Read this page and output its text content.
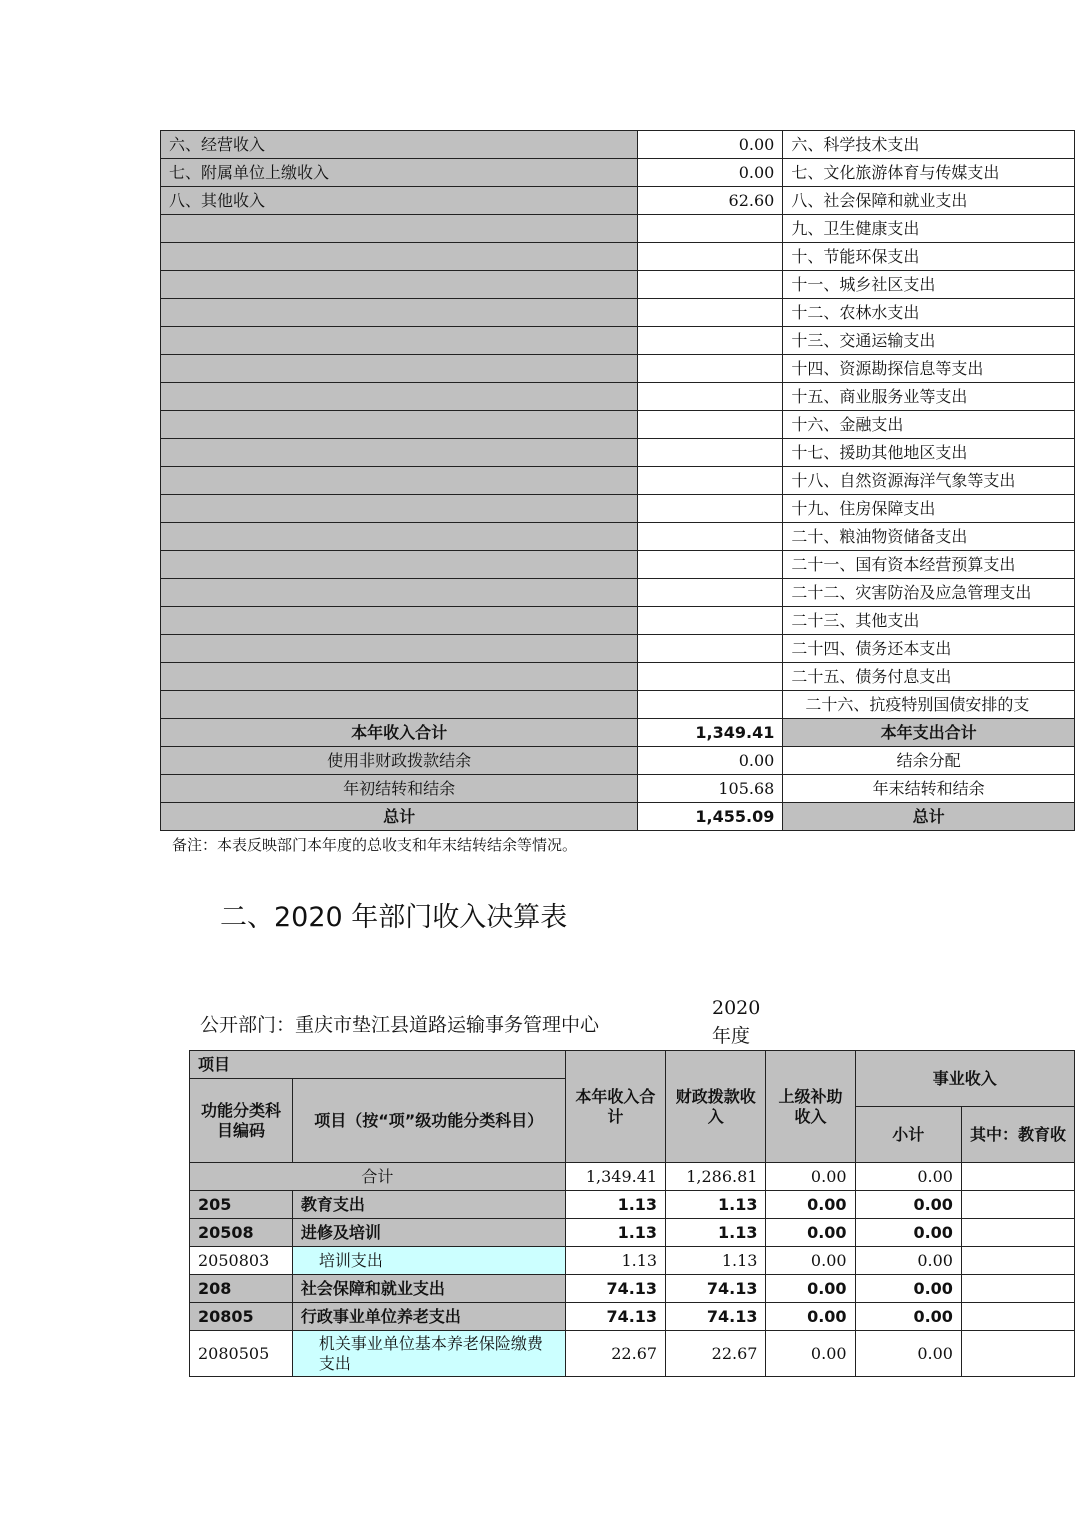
六、经营收入	0.00	六、科学技术支出
七、附属单位上缴收入	0.00	七、文化旅游体育与传媒支出
八、其他收入	62.60	八、社会保障和就业支出
		九、卫生健康支出
		十、节能环保支出
		十一、城乡社区支出
		十二、农林水支出
		十三、交通运输支出
		十四、资源勘探信息等支出
		十五、商业服务业等支出
		十六、金融支出
		十七、援助其他地区支出
		十八、自然资源海洋气象等支出
		十九、住房保障支出
		二十、粮油物资储备支出
		二十一、国有资本经营预算支出
		二十二、灾害防治及应急管理支出
		二十三、其他支出
		二十四、债务还本支出
		二十五、债务付息支出
		二十六、抗疫特别国债安排的支
本年收入合计	1,349.41	本年支出合计
使用非财政拨款结余	0.00	结余分配
年初结转和结余	105.68	年末结转和结余
总计	1,455.09	总计
备注：本表反映部门本年度的总收支和年末结转结余等情况。
二、2020 年部门收入决算表
公开部门：重庆市垫江县道路运输事务管理中心
2020 年度
项目		本年收入合计	财政拨款收入	上级补助收入	事业收入	
功能分类科目编码	项目（按“项”级功能分类科目）					
					小计	其中：教育收
合计		1,349.41	1,286.81	0.00	0.00	
205	教育支出	1.13	1.13	0.00	0.00	
20508	进修及培训	1.13	1.13	0.00	0.00	
2050803	培训支出	1.13	1.13	0.00	0.00	
208	社会保障和就业支出	74.13	74.13	0.00	0.00	
20805	行政事业单位养老支出	74.13	74.13	0.00	0.00	
2080505	机关事业单位基本养老保险缴费支出	22.67	22.67	0.00	0.00	
